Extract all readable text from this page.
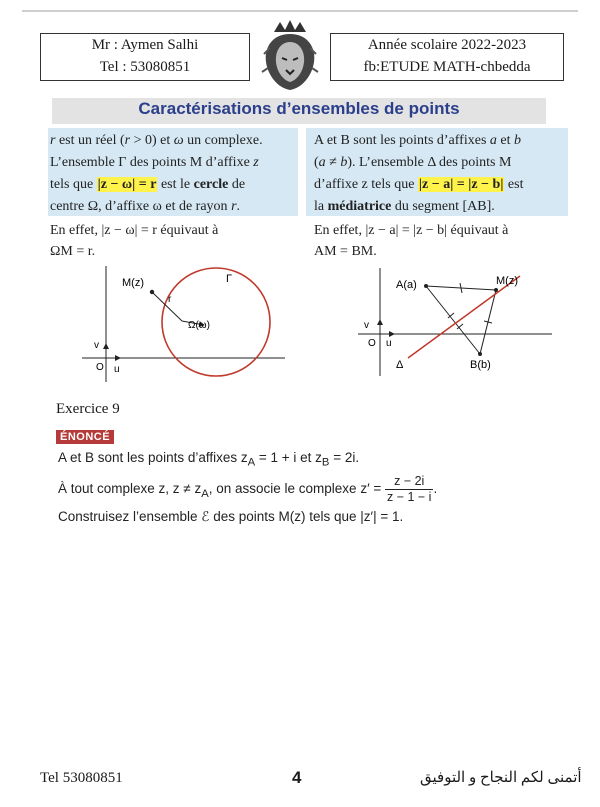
Mr : Aymen Salhi
Tel : 53080851
Année scolaire 2022-2023
fb:ETUDE MATH-chbedda
Caractérisations d’ensembles de points
r est un réel (r > 0) et ω un complexe.
L’ensemble Γ des points M d’affixe z
tels que |z − ω| = r est le cercle de
centre Ω, d’affixe ω et de rayon r.
A et B sont les points d’affixes a et b
(a ≠ b). L’ensemble Δ des points M
d’affixe z tels que |z − a| = |z − b| est
la médiatrice du segment [AB].
En effet, |z − ω| = r équivaut à
ΩM = r.
En effet, |z − a| = |z − b| équivaut à
AM = BM.
M(z)	Γ
r
Ω(ω)
v
O u
A(a)	M(z)
v
O u
Δ	B(b)
Exercice 9
ÉNONCÉ
A et B sont les points d’affixes $z_A = 1 + i$ et $z_B = 2i$.
À tout complexe z, $z \ne z_A$, on associe le complexe $z' = \frac{z - 2i}{z - 1 - i}$ .
Construisez l’ensemble ℰ des points M(z) tels que |z′| = 1.
Tel 53080851	4	أتمنى لكم النجاح و التوفيق
